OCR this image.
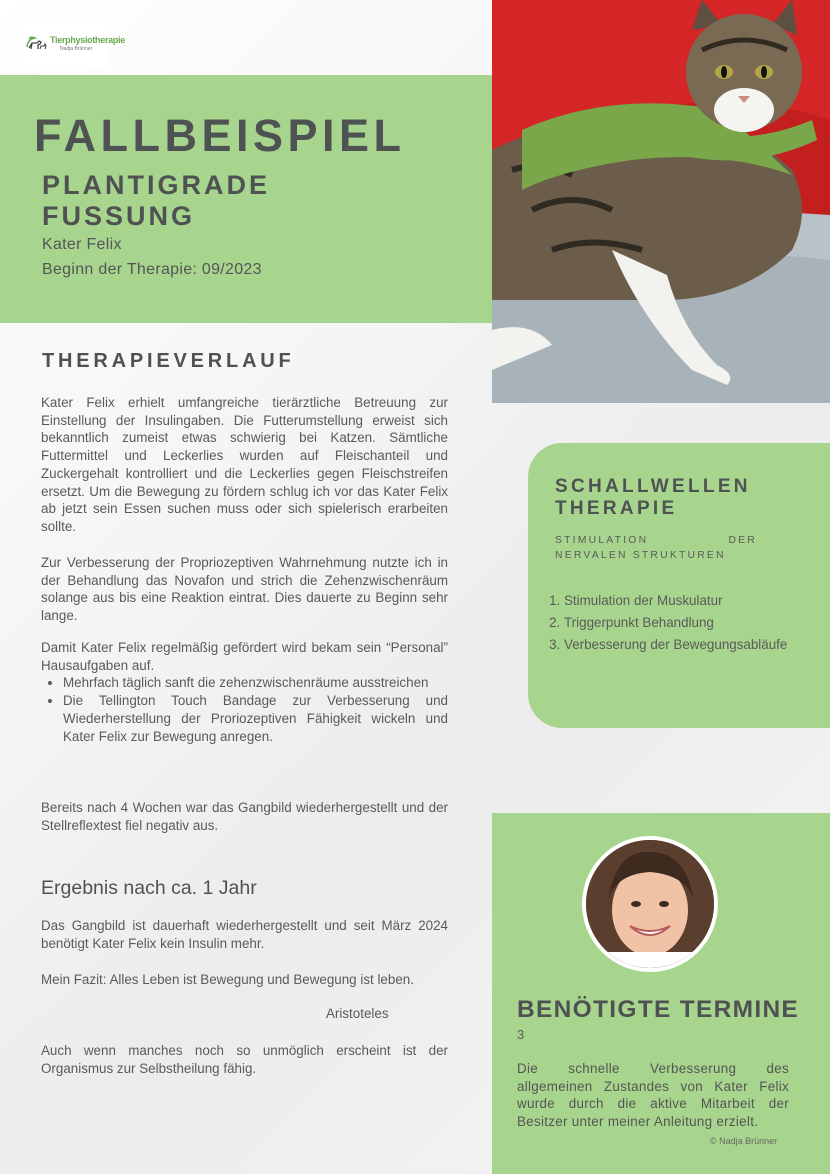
Tierphysiotherapie
Nadja Brünner
FALLBEISPIEL
PLANTIGRADE
FUSSUNG
Kater Felix
Beginn der Therapie: 09/2023
THERAPIEVERLAUF

Kater Felix erhielt umfangreiche tierärztliche Betreuung zur Einstellung der Insulingaben. Die Futterumstellung erweist sich bekanntlich zumeist etwas schwierig bei Katzen. Sämtliche Futtermittel und Leckerlies wurden auf Fleischanteil und Zuckergehalt kontrolliert und die Leckerlies gegen Fleischstreifen ersetzt. Um die Bewegung zu fördern schlug ich vor das Kater Felix ab jetzt sein Essen suchen muss oder sich spielerisch erarbeiten sollte.

Zur Verbesserung der Propriozeptiven Wahrnehmung nutzte ich in der Behandlung das Novafon und strich die Zehenzwischenräum solange aus bis eine Reaktion eintrat. Dies dauerte zu Beginn sehr lange.

Damit Kater Felix regelmäßig gefördert wird bekam sein “Personal” Hausaufgaben auf.

• Mehrfach täglich sanft die zehenzwischenräume ausstreichen
• Die Tellington Touch Bandage zur Verbesserung und Wiederherstellung der Proriozeptiven Fähigkeit wickeln und Kater Felix zur Bewegung anregen.

Bereits nach 4 Wochen war das Gangbild wiederhergestellt und der Stellreflextest fiel negativ aus.

Ergebnis nach ca. 1 Jahr

Das Gangbild ist dauerhaft wiederhergestellt und seit März 2024 benötigt Kater Felix kein Insulin mehr.

Mein Fazit: Alles Leben ist Bewegung und Bewegung ist leben.

Aristoteles

Auch wenn manches noch so unmöglich erscheint ist der Organismus zur Selbstheilung fähig.

SCHALLWELLEN
THERAPIE
STIMULATION DER
NERVALEN STRUKTUREN
1. Stimulation der Muskulatur
2. Triggerpunkt Behandlung
3. Verbesserung der Bewegungsabläufe
BENÖTIGTE TERMINE
3

Die schnelle Verbesserung des allgemeinen Zustandes von Kater Felix wurde durch die aktive Mitarbeit der Besitzer unter meiner Anleitung erzielt.

© Nadja Brünner
